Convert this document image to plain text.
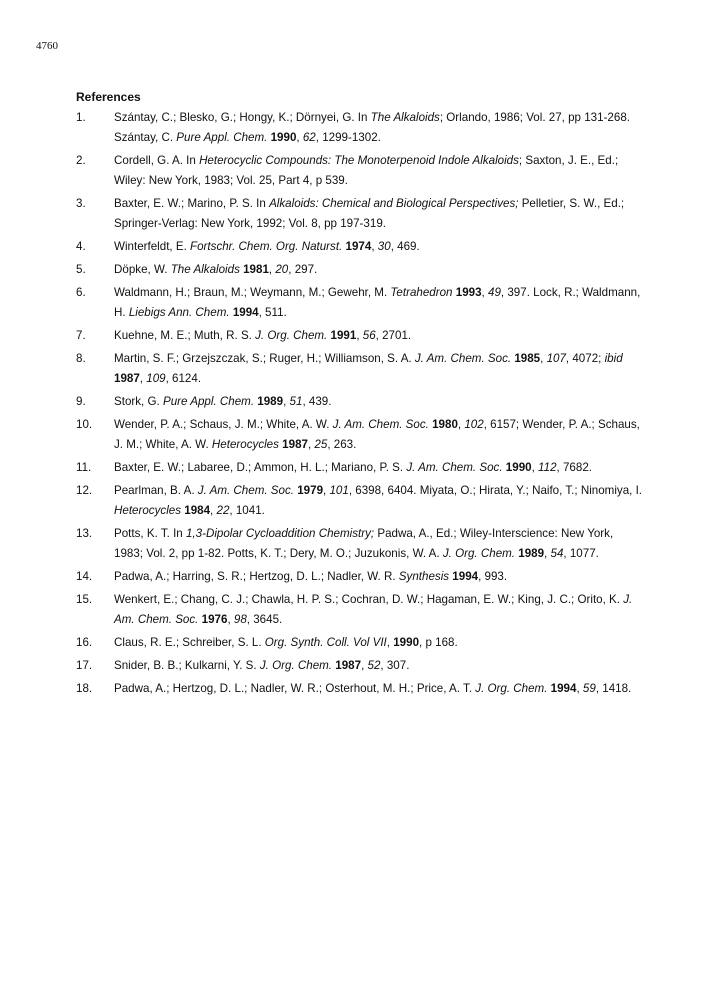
4760
References
1. Szántay, C.; Blesko, G.; Hongy, K.; Dörnyei, G. In The Alkaloids; Orlando, 1986; Vol. 27, pp 131-268. Szántay, C. Pure Appl. Chem. 1990, 62, 1299-1302.
2. Cordell, G. A. In Heterocyclic Compounds: The Monoterpenoid Indole Alkaloids; Saxton, J. E., Ed.; Wiley: New York, 1983; Vol. 25, Part 4, p 539.
3. Baxter, E. W.; Marino, P. S. In Alkaloids: Chemical and Biological Perspectives; Pelletier, S. W., Ed.; Springer-Verlag: New York, 1992; Vol. 8, pp 197-319.
4. Winterfeldt, E. Fortschr. Chem. Org. Naturst. 1974, 30, 469.
5. Döpke, W. The Alkaloids 1981, 20, 297.
6. Waldmann, H.; Braun, M.; Weymann, M.; Gewehr, M. Tetrahedron 1993, 49, 397. Lock, R.; Waldmann, H. Liebigs Ann. Chem. 1994, 511.
7. Kuehne, M. E.; Muth, R. S. J. Org. Chem. 1991, 56, 2701.
8. Martin, S. F.; Grzejszczak, S.; Ruger, H.; Williamson, S. A. J. Am. Chem. Soc. 1985, 107, 4072; ibid 1987, 109, 6124.
9. Stork, G. Pure Appl. Chem. 1989, 51, 439.
10. Wender, P. A.; Schaus, J. M.; White, A. W. J. Am. Chem. Soc. 1980, 102, 6157; Wender, P. A.; Schaus, J. M.; White, A. W. Heterocycles 1987, 25, 263.
11. Baxter, E. W.; Labaree, D.; Ammon, H. L.; Mariano, P. S. J. Am. Chem. Soc. 1990, 112, 7682.
12. Pearlman, B. A. J. Am. Chem. Soc. 1979, 101, 6398, 6404. Miyata, O.; Hirata, Y.; Naifo, T.; Ninomiya, I. Heterocycles 1984, 22, 1041.
13. Potts, K. T. In 1,3-Dipolar Cycloaddition Chemistry; Padwa, A., Ed.; Wiley-Interscience: New York, 1983; Vol. 2, pp 1-82. Potts, K. T.; Dery, M. O.; Juzukonis, W. A. J. Org. Chem. 1989, 54, 1077.
14. Padwa, A.; Harring, S. R.; Hertzog, D. L.; Nadler, W. R. Synthesis 1994, 993.
15. Wenkert, E.; Chang, C. J.; Chawla, H. P. S.; Cochran, D. W.; Hagaman, E. W.; King, J. C.; Orito, K. J. Am. Chem. Soc. 1976, 98, 3645.
16. Claus, R. E.; Schreiber, S. L. Org. Synth. Coll. Vol VII, 1990, p 168.
17. Snider, B. B.; Kulkarni, Y. S. J. Org. Chem. 1987, 52, 307.
18. Padwa, A.; Hertzog, D. L.; Nadler, W. R.; Osterhout, M. H.; Price, A. T. J. Org. Chem. 1994, 59, 1418.
